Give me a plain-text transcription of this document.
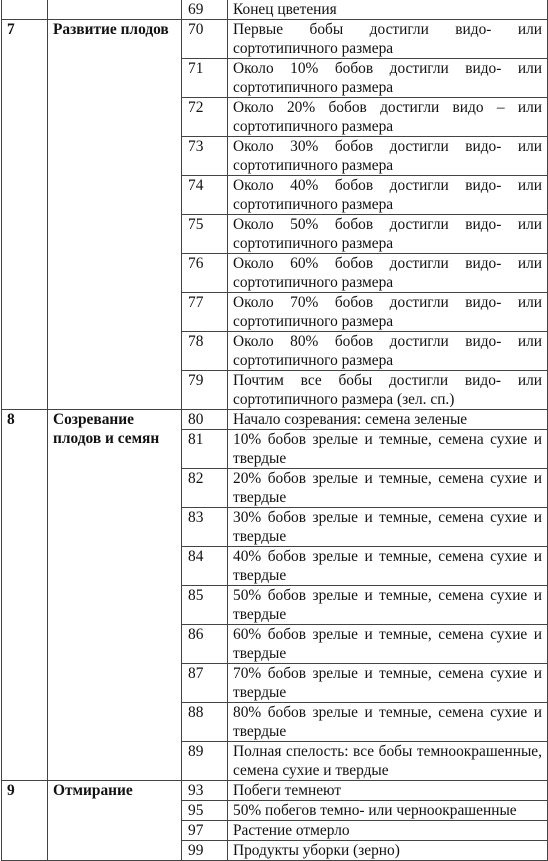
		69	Конец цветения
7	Развитие плодов	70	Первые бобы достигли видо- или сортотипичного размера
		71	Около 10% бобов достигли видо- или сортотипичного размера
		72	Около 20% бобов достигли видо – или сортотипичного размера
		73	Около 30% бобов достигли видо- или сортотипичного размера
		74	Около 40% бобов достигли видо- или сортотипичного размера
		75	Около 50% бобов достигли видо- или сортотипичного размера
		76	Около 60% бобов достигли видо- или сортотипичного размера
		77	Около 70% бобов достигли видо- или сортотипичного размера
		78	Около 80% бобов достигли видо- или сортотипичного размера
		79	Почтим все бобы достигли видо- или сортотипичного размера (зел. сп.)
8	Созревание плодов и семян	80	Начало созревания: семена зеленые
		81	10% бобов зрелые и темные, семена сухие и твердые
		82	20% бобов зрелые и темные, семена сухие и твердые
		83	30% бобов зрелые и темные, семена сухие и твердые
		84	40% бобов зрелые и темные, семена сухие и твердые
		85	50% бобов зрелые и темные, семена сухие и твердые
		86	60% бобов зрелые и темные, семена сухие и твердые
		87	70% бобов зрелые и темные, семена сухие и твердые
		88	80% бобов зрелые и темные, семена сухие и твердые
		89	Полная спелость: все бобы темноокрашенные, семена сухие и твердые
9	Отмирание	93	Побеги темнеют
		95	50% побегов темно- или черноокрашенные
		97	Растение отмерло
		99	Продукты уборки (зерно)
